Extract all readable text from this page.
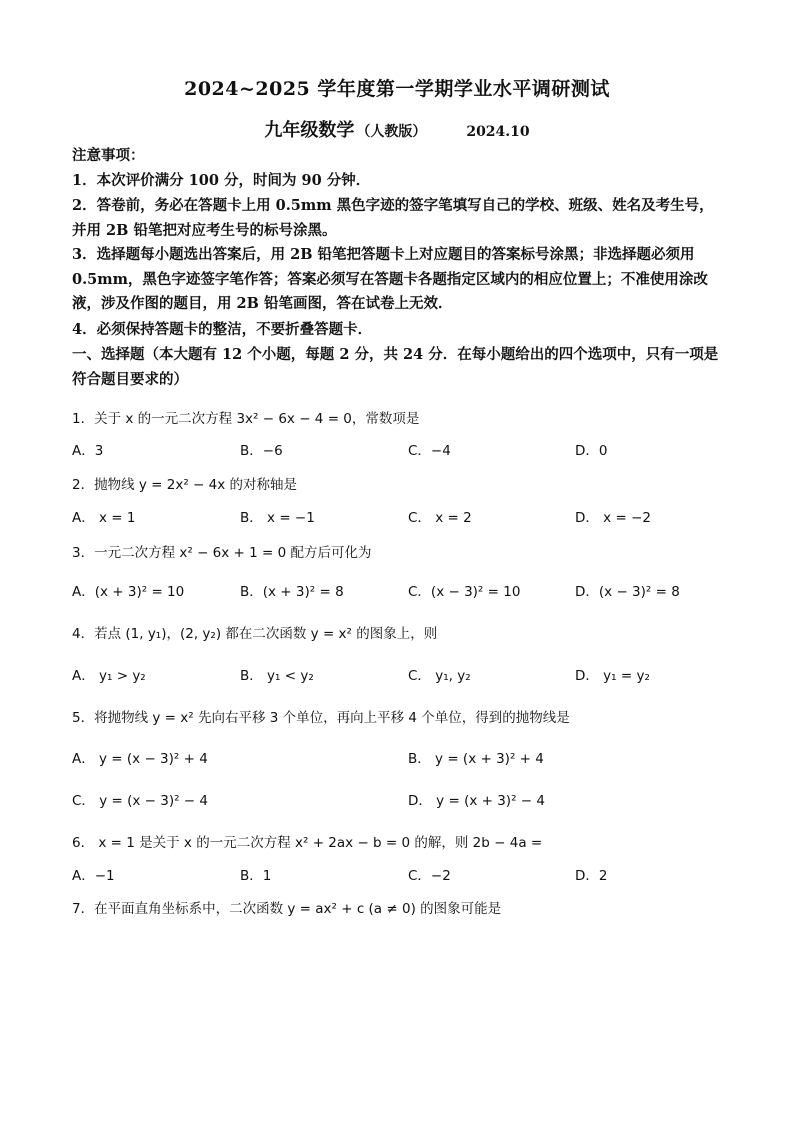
2024~2025 学年度第一学期学业水平调研测试
九年级数学 （人教版）	2024.10
注意事项：
1．本次评价满分 100 分，时间为 90 分钟．
2．答卷前，务必在答题卡上用 0.5mm 黑色字迹的签字笔填写自己的学校、班级、姓名及考生号，并用 2B 铅笔把对应考生号的标号涂黑。
3．选择题每小题选出答案后，用 2B 铅笔把答题卡上对应题目的答案标号涂黑；非选择题必须用 0.5mm，黑色字迹签字笔作答；答案必须写在答题卡各题指定区域内的相应位置上；不准使用涂改液，涉及作图的题目，用 2B 铅笔画图，答在试卷上无效．
4．必须保持答题卡的整洁，不要折叠答题卡．
一、选择题（本大题有 12 个小题，每题 2 分，共 24 分．在每小题给出的四个选项中，只有一项是符合题目要求的）
1．关于 x 的一元二次方程 3x² − 6x − 4 = 0，常数项是
A．3	B．−6	C．−4	D．0
2．抛物线 y = 2x² − 4x 的对称轴是
A． x = 1	B． x = −1	C． x = 2	D． x = −2
3．一元二次方程 x² − 6x + 1 = 0 配方后可化为
A．(x + 3)² = 10	B．(x + 3)² = 8	C．(x − 3)² = 10	D．(x − 3)² = 8
4．若点 (1, y₁)，(2, y₂) 都在二次函数 y = x² 的图象上，则
A． y₁ > y₂	B． y₁ < y₂	C． y₁, y₂	D． y₁ = y₂
5．将抛物线 y = x² 先向右平移 3 个单位，再向上平移 4 个单位，得到的抛物线是
A． y = (x − 3)² + 4	B． y = (x + 3)² + 4
C． y = (x − 3)² − 4	D． y = (x + 3)² − 4
6． x = 1 是关于 x 的一元二次方程 x² + 2ax − b = 0 的解，则 2b − 4a =
A．−1	B．1	C．−2	D．2
7．在平面直角坐标系中，二次函数 y = ax² + c (a ≠ 0) 的图象可能是
